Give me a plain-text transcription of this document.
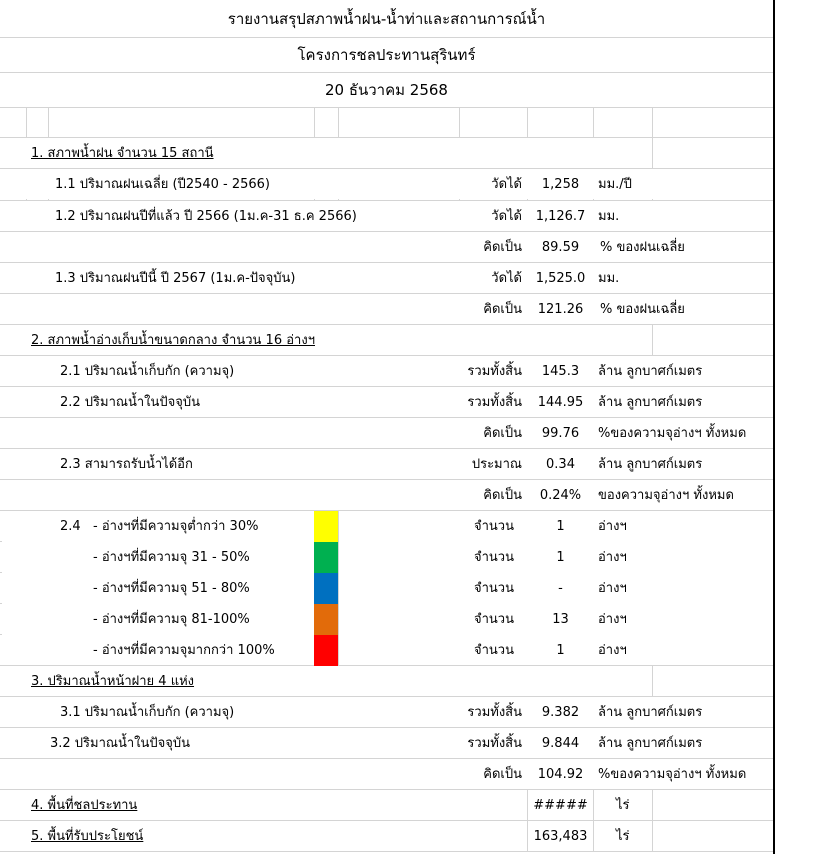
รายงานสรุปสภาพน้ำฝน-น้ำท่าและสถานการณ์น้ำ
โครงการชลประทานสุรินทร์
20 ธันวาคม 2568
1. สภาพน้ำฝน จำนวน 15 สถานี
1.1 ปริมาณฝนเฉลี่ย (ปี2540 - 2566)	วัดได้	1,258	มม./ปี
1.2 ปริมาณฝนปีที่แล้ว ปี 2566 (1ม.ค-31 ธ.ค 2566)	วัดได้	1,126.7 มม.
คิดเป็น	89.59	% ของฝนเฉลี่ย
1.3 ปริมาณฝนปีนี้ ปี 2567 (1ม.ค-ปัจจุบัน)	วัดได้	1,525.0 มม.
คิดเป็น	121.26	% ของฝนเฉลี่ย
2. สภาพน้ำอ่างเก็บน้ำขนาดกลาง จำนวน 16 อ่างฯ
2.1 ปริมาณน้ำเก็บกัก (ความจุ)	รวมทั้งสิ้น	145.3	ล้าน ลูกบาศก์เมตร
2.2 ปริมาณน้ำในปัจจุบัน	รวมทั้งสิ้น	144.95	ล้าน ลูกบาศก์เมตร
คิดเป็น	99.76	%ของความจุอ่างฯ ทั้งหมด
2.3 สามารถรับน้ำได้อีก	ประมาณ	0.34	ล้าน ลูกบาศก์เมตร
คิดเป็น	0.24%	ของความจุอ่างฯ ทั้งหมด
2.4 - อ่างฯที่มีความจุต่ำกว่า 30%	จำนวน	1	อ่างฯ
- อ่างฯที่มีความจุ 31 - 50%	จำนวน	1	อ่างฯ
- อ่างฯที่มีความจุ 51 - 80%	จำนวน	-	อ่างฯ
- อ่างฯที่มีความจุ 81-100%	จำนวน	13	อ่างฯ
- อ่างฯที่มีความจุมากกว่า 100%	จำนวน	1	อ่างฯ
3. ปริมาณน้ำหน้าฝาย 4 แห่ง
3.1 ปริมาณน้ำเก็บกัก (ความจุ)	รวมทั้งสิ้น	9.382	ล้าน ลูกบาศก์เมตร
3.2 ปริมาณน้ำในปัจจุบัน	รวมทั้งสิ้น	9.844	ล้าน ลูกบาศก์เมตร
คิดเป็น	104.92	%ของความจุอ่างฯ ทั้งหมด
4. พื้นที่ชลประทาน	#####	ไร่
5. พื้นที่รับประโยชน์	163,483	ไร่
